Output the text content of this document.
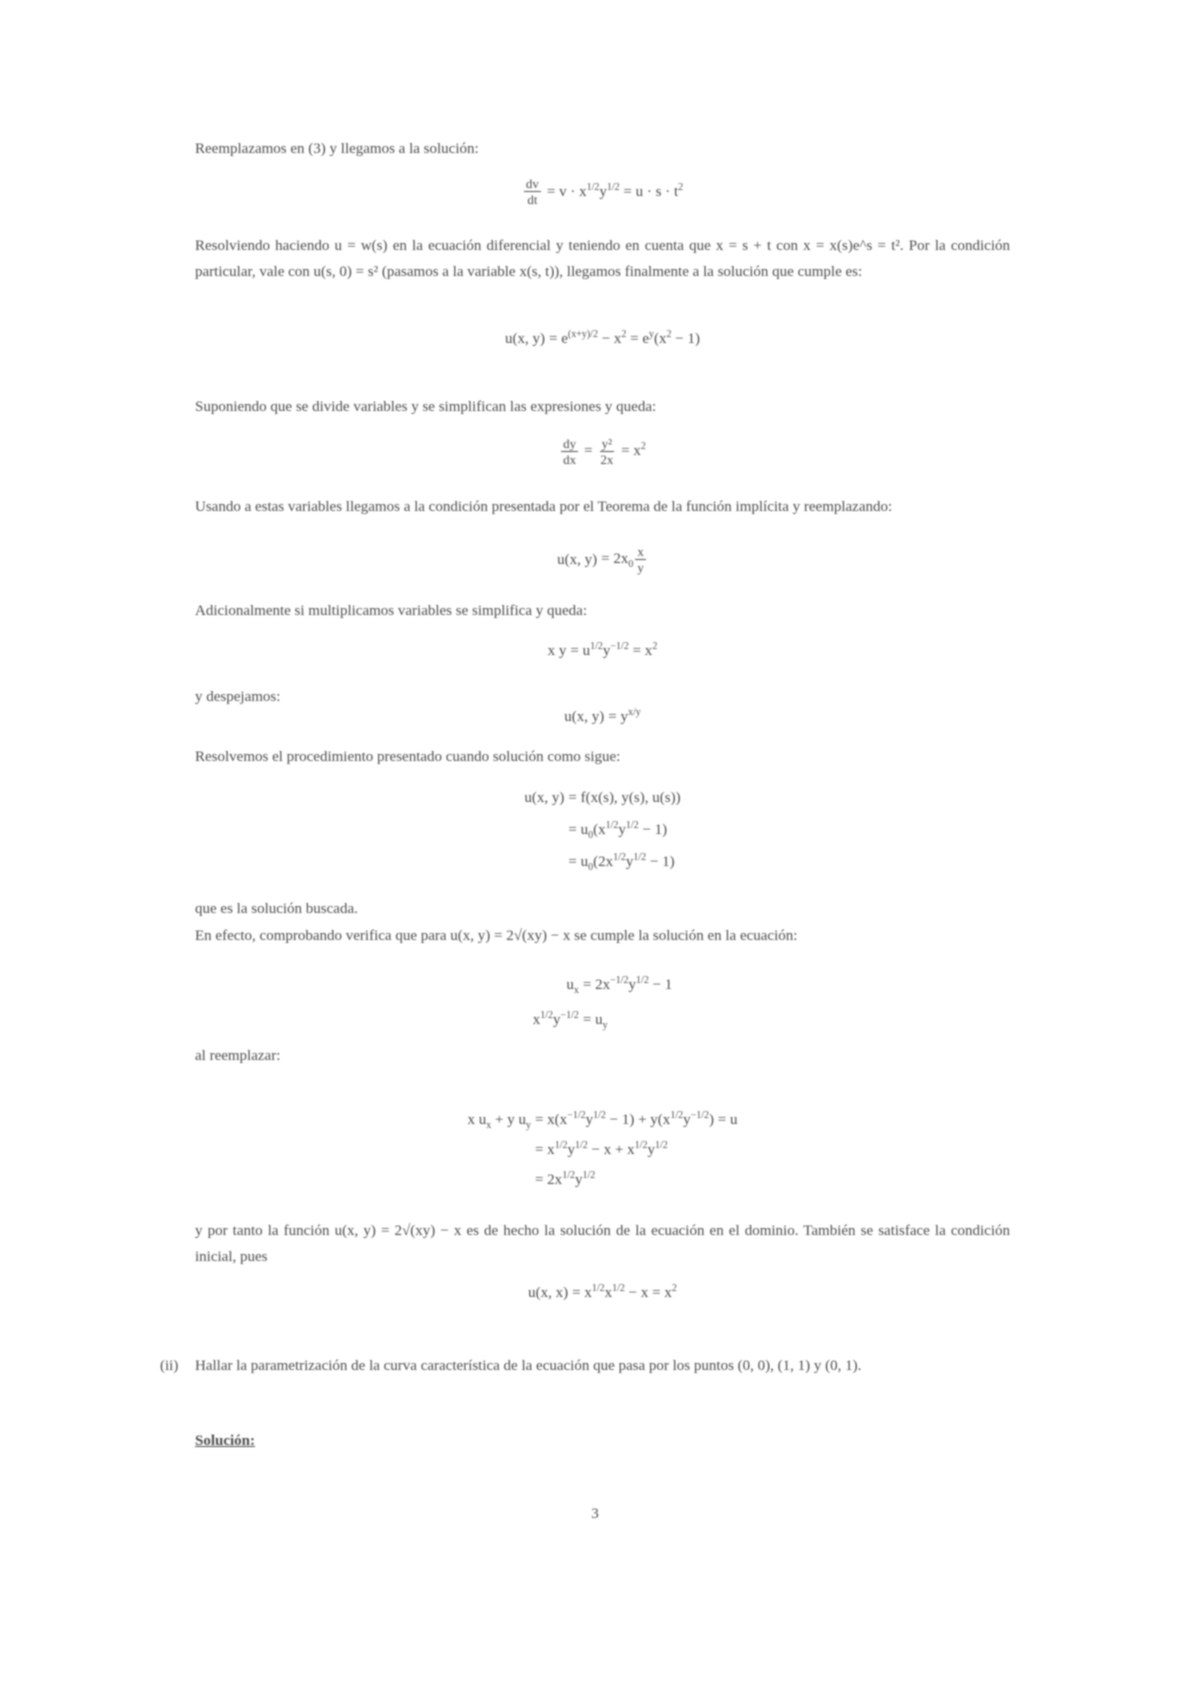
Reemplazamos en (3) y llegamos a la solución:
$\frac{dv}{dt}$	= $v \cdot x^{1/2}y^{1/2} = u \cdot s \cdot t^2$
Resolviendo haciendo u = w(s) en la ecuación diferencial y teniendo en cuenta que x = s + t con x = x(s)e^s = t². Por la condición particular, vale con u(s, 0) = s² (pasamos a la variable x(s, t)), llegamos finalmente a la solución que cumple es:
u(x, y)	= $e^{(x+y)/2} - x^2 = e^y(x^2 - 1)$
Suponiendo que se divide variables y se simplifican las expresiones y queda:
$\frac{dy}{dx}$	= $\frac{\text{y²}}{2x} = x^2$
Usando a estas variables llegamos a la condición presentada por el Teorema de la función implícita y reemplazando:
u(x, y)	= $2x_0 \frac{x}{y}$
Adicionalmente si multiplicamos variables se simplifica y queda:
x y	= $u^{1/2}y^{-1/2} = x^2$
y despejamos:
u(x, y)	= $y^{x/y}$
Resolvemos el procedimiento presentado cuando solución como sigue:
u(x, y)	= f(x(s), y(s), u(s))
	= $u_0(x^{1/2}y^{1/2} - 1)$
	= $u_0(2x^{1/2}y^{1/2} - 1)$
que es la solución buscada.
En efecto, comprobando verifica que para u(x, y) = 2√(xy) − x se cumple la solución en la ecuación:
$u_x$	= $2x^{-1/2}y^{1/2} - 1$
$x^{1/2}y^{-1/2}$	= $u_y$
al reemplazar:
x $u_x + y$ $u_y$	= $x(x^{-1/2}y^{1/2} - 1) + y(x^{1/2}y^{-1/2}) = u$
	= $x^{1/2}y^{1/2} - x + x^{1/2}y^{1/2}$
	= $2x^{1/2}y^{1/2}$
y por tanto la función u(x, y) = 2√(xy) − x es de hecho la solución de la ecuación en el dominio. También se satisface la condición inicial, pues
u(x, x)	= $x^{1/2}x^{1/2} - x = x^2$
(ii) Hallar la parametrización de la curva característica de la ecuación que pasa por los puntos (0, 0), (1, 1) y (0, 1).
Solución:
3
